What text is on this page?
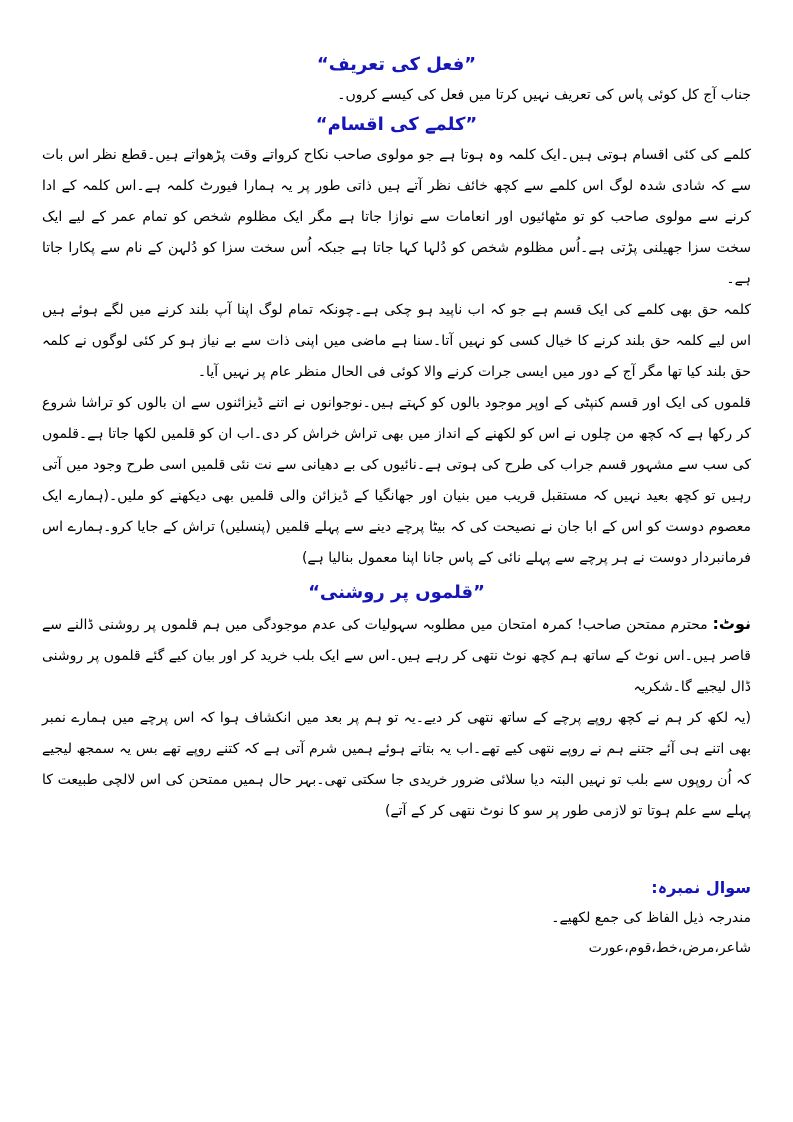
”فعل کی تعریف“

جناب آج کل کوئی پاس کی تعریف نہیں کرتا میں فعل کی کیسے کروں۔

”کلمے کی اقسام“

کلمے کی کئی اقسام ہوتی ہیں۔ایک کلمہ وہ ہوتا ہے جو مولوی صاحب نکاح کرواتے وقت پڑھواتے ہیں۔قطع نظر اس بات سے کہ شادی شدہ لوگ اس کلمے سے کچھ خائف نظر آتے ہیں ذاتی طور پر یہ ہمارا فیورٹ کلمہ ہے۔اس کلمہ کے ادا کرنے سے مولوی صاحب کو تو مٹھائیوں اور انعامات سے نوازا جاتا ہے مگر ایک مظلوم شخص کو تمام عمر کے لیے ایک سخت سزا جھیلنی پڑتی ہے۔اُس مظلوم شخص کو دُلہا کہا جاتا ہے جبکہ اُس سخت سزا کو دُلہن کے نام سے پکارا جاتا ہے۔

کلمہ حق بھی کلمے کی ایک قسم ہے جو کہ اب ناپید ہو چکی ہے۔چونکہ تمام لوگ اپنا آپ بلند کرنے میں لگے ہوئے ہیں اس لیے کلمہ حق بلند کرنے کا خیال کسی کو نہیں آتا۔سنا ہے ماضی میں اپنی ذات سے بے نیاز ہو کر کئی لوگوں نے کلمہ حق بلند کیا تھا مگر آج کے دور میں ایسی جرات کرنے والا کوئی فی الحال منظر عام پر نہیں آیا۔

قلموں کی ایک اور قسم کنپٹی کے اوپر موجود بالوں کو کہتے ہیں۔نوجوانوں نے اتنے ڈیزائنوں سے ان بالوں کو تراشا شروع کر رکھا ہے کہ کچھ من چلوں نے اس کو لکھنے کے انداز میں بھی تراش خراش کر دی۔اب ان کو قلمیں لکھا جاتا ہے۔قلموں کی سب سے مشہور قسم جراب کی طرح کی ہوتی ہے۔نائیوں کی بے دھیانی سے نت نئی قلمیں اسی طرح وجود میں آتی رہیں تو کچھ بعید نہیں کہ مستقبل قریب میں بنیان اور جھانگیا کے ڈیزائن والی قلمیں بھی دیکھنے کو ملیں۔(ہمارے ایک معصوم دوست کو اس کے ابا جان نے نصیحت کی کہ بیٹا پرچے دینے سے پہلے قلمیں (پنسلیں) تراش کے جایا کرو۔ہمارے اس فرمانبردار دوست نے ہر پرچے سے پہلے نائی کے پاس جانا اپنا معمول بنالیا ہے)

”قلموں پر روشنی“

نوٹ: محترم ممتحن صاحب! کمرہ امتحان میں مطلوبہ سہولیات کی عدم موجودگی میں ہم قلموں پر روشنی ڈالنے سے قاصر ہیں۔اس نوٹ کے ساتھ ہم کچھ نوٹ نتھی کر رہے ہیں۔اس سے ایک بلب خرید کر اور بیان کیے گئے قلموں پر روشنی ڈال لیجیے گا۔شکریہ

(یہ لکھ کر ہم نے کچھ روپے پرچے کے ساتھ نتھی کر دیے۔یہ تو ہم پر بعد میں انکشاف ہوا کہ اس پرچے میں ہمارے نمبر بھی اتنے ہی آئے جتنے ہم نے روپے نتھی کیے تھے۔اب یہ بتاتے ہوئے ہمیں شرم آتی ہے کہ کتنے روپے تھے بس یہ سمجھ لیجیے کہ اُن روپوں سے بلب تو نہیں البتہ دیا سلائی ضرور خریدی جا سکتی تھی۔بہر حال ہمیں ممتحن کی اس لالچی طبیعت کا پہلے سے علم ہوتا تو لازمی طور پر سو کا نوٹ نتھی کر کے آتے)

سوال نمبرہ:

مندرجہ ذیل الفاظ کی جمع لکھیے۔

شاعر،مرض،خط،قوم،عورت
